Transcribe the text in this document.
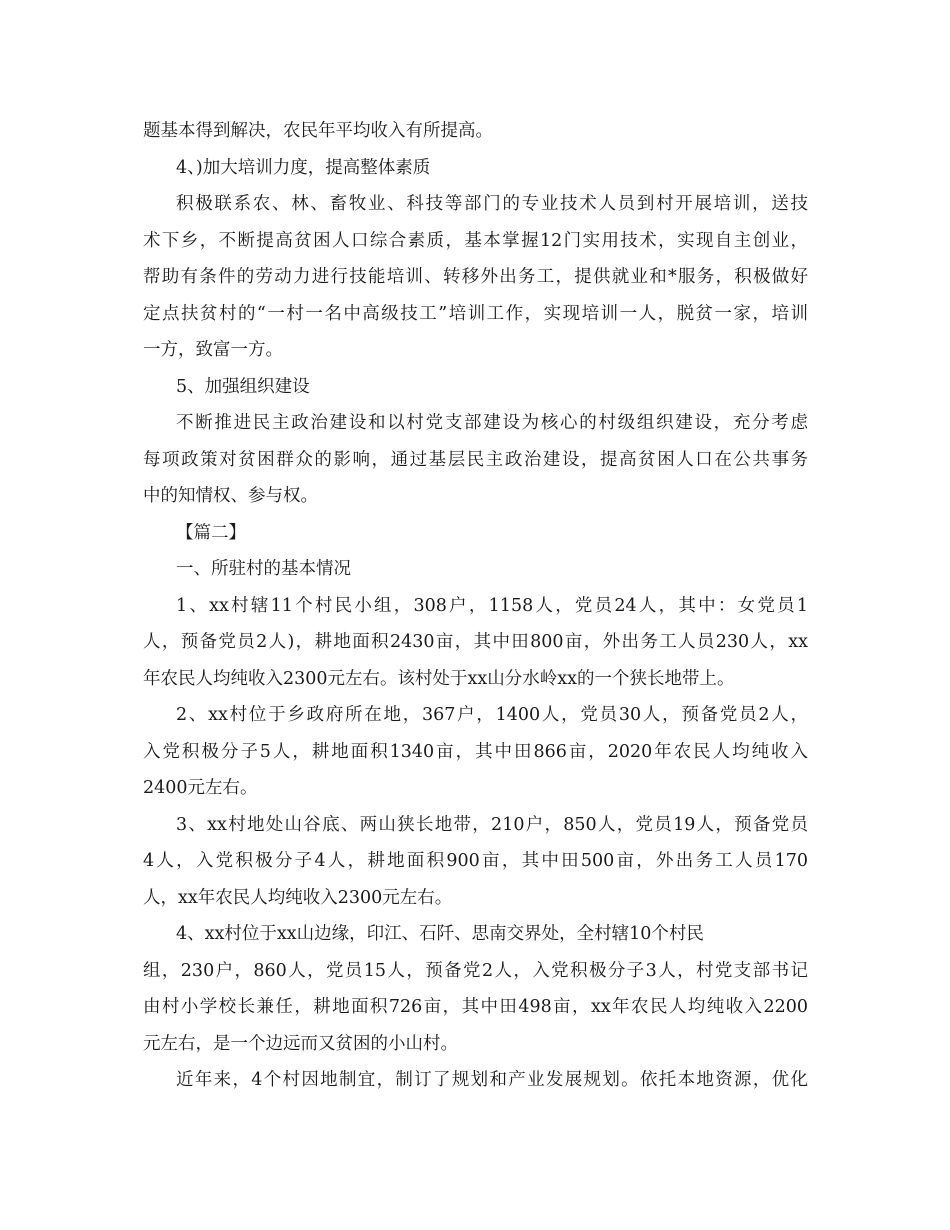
题基本得到解决，农民年平均收入有所提高。
4、)加大培训力度，提高整体素质
积极联系农、林、畜牧业、科技等部门的专业技术人员到村开展培训，送技
术下乡，不断提高贫困人口综合素质，基本掌握12门实用技术，实现自主创业，
帮助有条件的劳动力进行技能培训、转移外出务工，提供就业和*服务，积极做好
定点扶贫村的“一村一名中高级技工”培训工作，实现培训一人，脱贫一家，培训
一方，致富一方。
5、加强组织建设
不断推进民主政治建设和以村党支部建设为核心的村级组织建设，充分考虑
每项政策对贫困群众的影响，通过基层民主政治建设，提高贫困人口在公共事务
中的知情权、参与权。
【篇二】
一、所驻村的基本情况
1、xx村辖11个村民小组，308户，1158人，党员24人，其中：女党员1
人，预备党员2人)，耕地面积2430亩，其中田800亩，外出务工人员230人，xx
年农民人均纯收入2300元左右。该村处于xx山分水岭xx的一个狭长地带上。
2、xx村位于乡政府所在地，367户，1400人，党员30人，预备党员2人，
入党积极分子5人，耕地面积1340亩，其中田866亩，2020年农民人均纯收入
2400元左右。
3、xx村地处山谷底、两山狭长地带，210户，850人，党员19人，预备党员
4人，入党积极分子4人，耕地面积900亩，其中田500亩，外出务工人员170
人，xx年农民人均纯收入2300元左右。
4、xx村位于xx山边缘，印江、石阡、思南交界处，全村辖10个村民
组，230户，860人，党员15人，预备党2人，入党积极分子3人，村党支部书记
由村小学校长兼任，耕地面积726亩，其中田498亩，xx年农民人均纯收入2200
元左右，是一个边远而又贫困的小山村。
近年来，4个村因地制宜，制订了规划和产业发展规划。依托本地资源，优化
